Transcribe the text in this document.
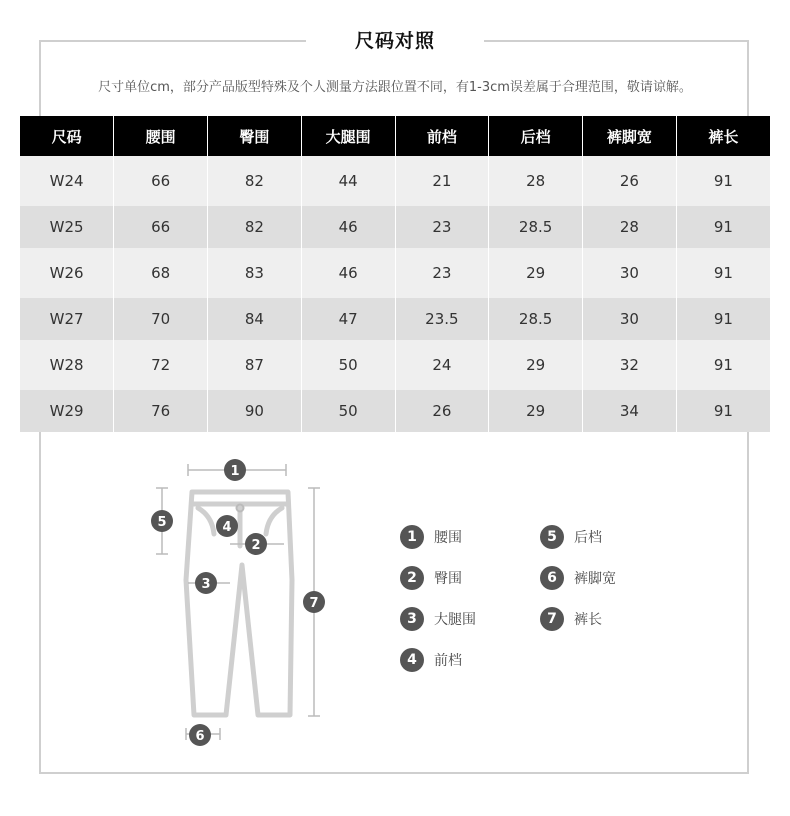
尺码对照
尺寸单位cm，部分产品版型特殊及个人测量方法跟位置不同，有1-3cm误差属于合理范围，敬请谅解。
尺码	腰围	臀围	大腿围	前档	后档	裤脚宽	裤长
W24	66	82	44	21	28	26	91
W25	66	82	46	23	28.5	28	91
W26	68	83	46	23	29	30	91
W27	70	84	47	23.5	28.5	30	91
W28	72	87	50	24	29	32	91
W29	76	90	50	26	29	34	91
1
2
3
4
5
6
7
1	腰围
2	臀围
3	大腿围
4	前档
5	后档
6	裤脚宽
7	裤长
